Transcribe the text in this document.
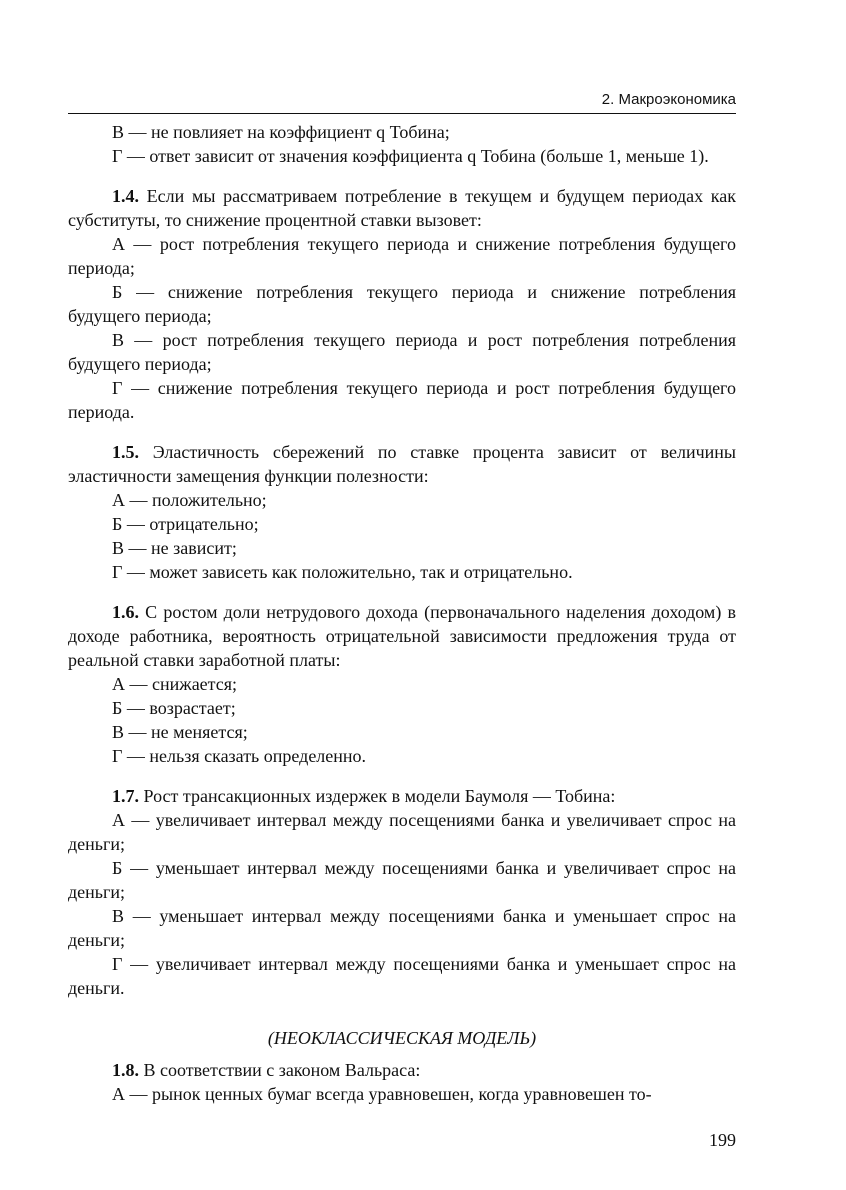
2. Макроэкономика

В — не повлияет на коэффициент q Тобина;

Г — ответ зависит от значения коэффициента q Тобина (больше 1, меньше 1).

1.4. Если мы рассматриваем потребление в текущем и будущем периодах как субституты, то снижение процентной ставки вызовет:

А — рост потребления текущего периода и снижение потребления будущего периода;

Б — снижение потребления текущего периода и снижение потребления будущего периода;

В — рост потребления текущего периода и рост потребления потребления будущего периода;

Г — снижение потребления текущего периода и рост потребления будущего периода.

1.5. Эластичность сбережений по ставке процента зависит от величины эластичности замещения функции полезности:

А — положительно;

Б — отрицательно;

В — не зависит;

Г — может зависеть как положительно, так и отрицательно.

1.6. С ростом доли нетрудового дохода (первоначального наделения доходом) в доходе работника, вероятность отрицательной зависимости предложения труда от реальной ставки заработной платы:

А — снижается;

Б — возрастает;

В — не меняется;

Г — нельзя сказать определенно.

1.7. Рост трансакционных издержек в модели Баумоля — Тобина:

А — увеличивает интервал между посещениями банка и увеличивает спрос на деньги;

Б — уменьшает интервал между посещениями банка и увеличивает спрос на деньги;

В — уменьшает интервал между посещениями банка и уменьшает спрос на деньги;

Г — увеличивает интервал между посещениями банка и уменьшает спрос на деньги.

(НЕОКЛАССИЧЕСКАЯ МОДЕЛЬ)

1.8. В соответствии с законом Вальраса:

А — рынок ценных бумаг всегда уравновешен, когда уравновешен то-

199
